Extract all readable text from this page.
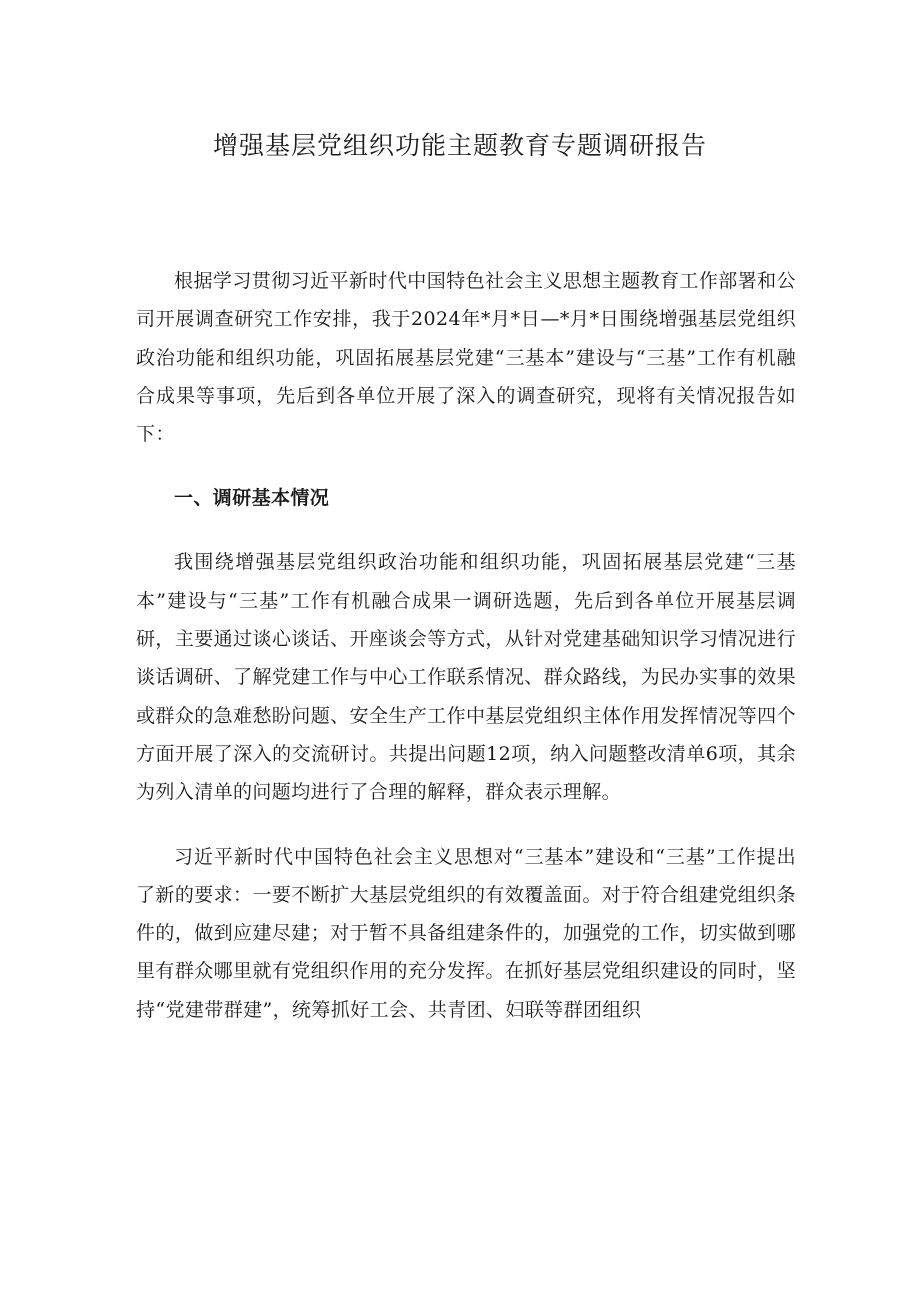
增强基层党组织功能主题教育专题调研报告

根据学习贯彻习近平新时代中国特色社会主义思想主题教育工作部署和公司开展调查研究工作安排，我于2024年*月*日—*月*日围绕增强基层党组织政治功能和组织功能，巩固拓展基层党建“三基本”建设与“三基”工作有机融合成果等事项，先后到各单位开展了深入的调查研究，现将有关情况报告如下：

一、调研基本情况

我围绕增强基层党组织政治功能和组织功能，巩固拓展基层党建“三基本”建设与“三基”工作有机融合成果一调研选题，先后到各单位开展基层调研，主要通过谈心谈话、开座谈会等方式，从针对党建基础知识学习情况进行谈话调研、了解党建工作与中心工作联系情况、群众路线，为民办实事的效果或群众的急难愁盼问题、安全生产工作中基层党组织主体作用发挥情况等四个方面开展了深入的交流研讨。共提出问题12项，纳入问题整改清单6项，其余为列入清单的问题均进行了合理的解释，群众表示理解。

习近平新时代中国特色社会主义思想对“三基本”建设和“三基”工作提出了新的要求：一要不断扩大基层党组织的有效覆盖面。对于符合组建党组织条件的，做到应建尽建；对于暂不具备组建条件的，加强党的工作，切实做到哪里有群众哪里就有党组织作用的充分发挥。在抓好基层党组织建设的同时，坚持“党建带群建”，统筹抓好工会、共青团、妇联等群团组织
